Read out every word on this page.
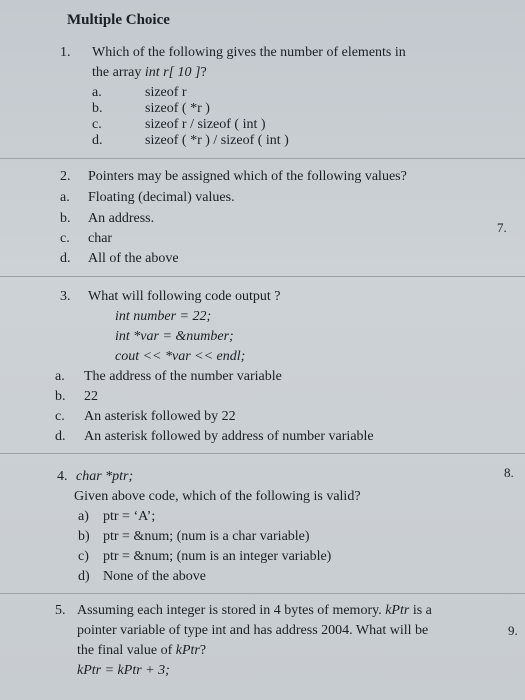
Multiple Choice
1. Which of the following gives the number of elements in
the array int r[ 10 ]?
a.	sizeof r
b.	sizeof ( *r )
c.	sizeof r / sizeof ( int )
d.	sizeof ( *r ) / sizeof ( int )
2. Pointers may be assigned which of the following values?
a. Floating (decimal) values.
b. An address.
c. char
d. All of the above
7.
3. What will following code output ?
int number = 22;
int *var = &number;
cout << *var << endl;
a. The address of the number variable
b. 22
c. An asterisk followed by 22
d. An asterisk followed by address of number variable
4. char *ptr;
Given above code, which of the following is valid?
a) ptr = ‘A’;
b) ptr = &num; (num is a char variable)
c) ptr = &num; (num is an integer variable)
d) None of the above
8.
5. Assuming each integer is stored in 4 bytes of memory. kPtr is a
pointer variable of type int and has address 2004. What will be
the final value of kPtr?
kPtr = kPtr + 3;
9.
